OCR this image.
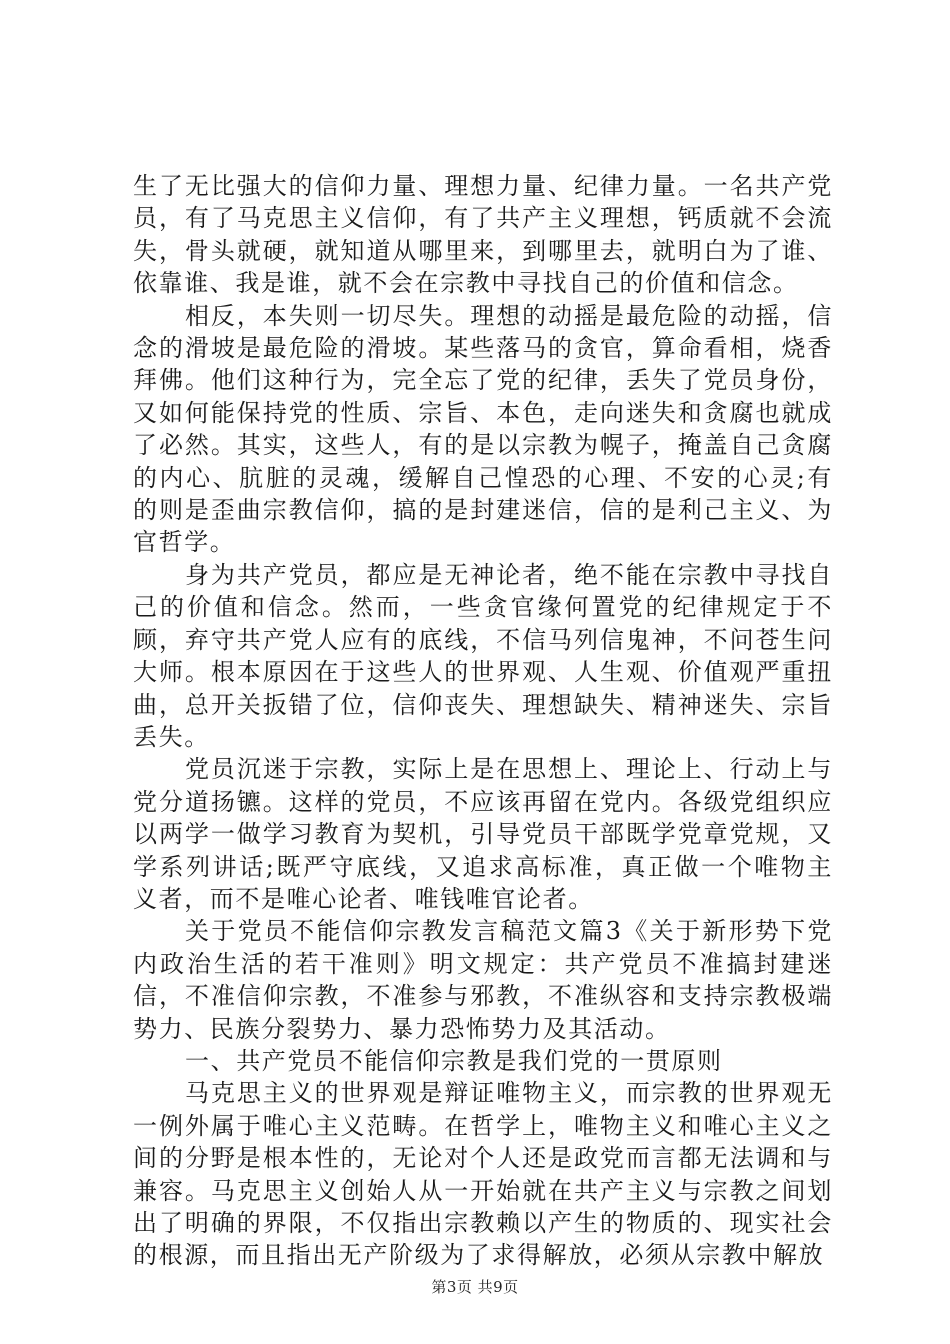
生了无比强大的信仰力量、理想力量、纪律力量。一名共产党员，有了马克思主义信仰，有了共产主义理想，钙质就不会流失，骨头就硬，就知道从哪里来，到哪里去，就明白为了谁、依靠谁、我是谁，就不会在宗教中寻找自己的价值和信念。

相反，本失则一切尽失。理想的动摇是最危险的动摇，信念的滑坡是最危险的滑坡。某些落马的贪官，算命看相，烧香拜佛。他们这种行为，完全忘了党的纪律，丢失了党员身份，又如何能保持党的性质、宗旨、本色，走向迷失和贪腐也就成了必然。其实，这些人，有的是以宗教为幌子，掩盖自己贪腐的内心、肮脏的灵魂，缓解自己惶恐的心理、不安的心灵;有的则是歪曲宗教信仰，搞的是封建迷信，信的是利己主义、为官哲学。

身为共产党员，都应是无神论者，绝不能在宗教中寻找自己的价值和信念。然而，一些贪官缘何置党的纪律规定于不顾，弃守共产党人应有的底线，不信马列信鬼神，不问苍生问大师。根本原因在于这些人的世界观、人生观、价值观严重扭曲，总开关扳错了位，信仰丧失、理想缺失、精神迷失、宗旨丢失。

党员沉迷于宗教，实际上是在思想上、理论上、行动上与党分道扬镳。这样的党员，不应该再留在党内。各级党组织应以两学一做学习教育为契机，引导党员干部既学党章党规，又学系列讲话;既严守底线，又追求高标准，真正做一个唯物主义者，而不是唯心论者、唯钱唯官论者。

关于党员不能信仰宗教发言稿范文篇3《关于新形势下党内政治生活的若干准则》明文规定：共产党员不准搞封建迷信，不准信仰宗教，不准参与邪教，不准纵容和支持宗教极端势力、民族分裂势力、暴力恐怖势力及其活动。

一、共产党员不能信仰宗教是我们党的一贯原则

马克思主义的世界观是辩证唯物主义，而宗教的世界观无一例外属于唯心主义范畴。在哲学上，唯物主义和唯心主义之间的分野是根本性的，无论对个人还是政党而言都无法调和与兼容。马克思主义创始人从一开始就在共产主义与宗教之间划出了明确的界限，不仅指出宗教赖以产生的物质的、现实社会的根源，而且指出无产阶级为了求得解放，必须从宗教中解放

第3页 共9页
